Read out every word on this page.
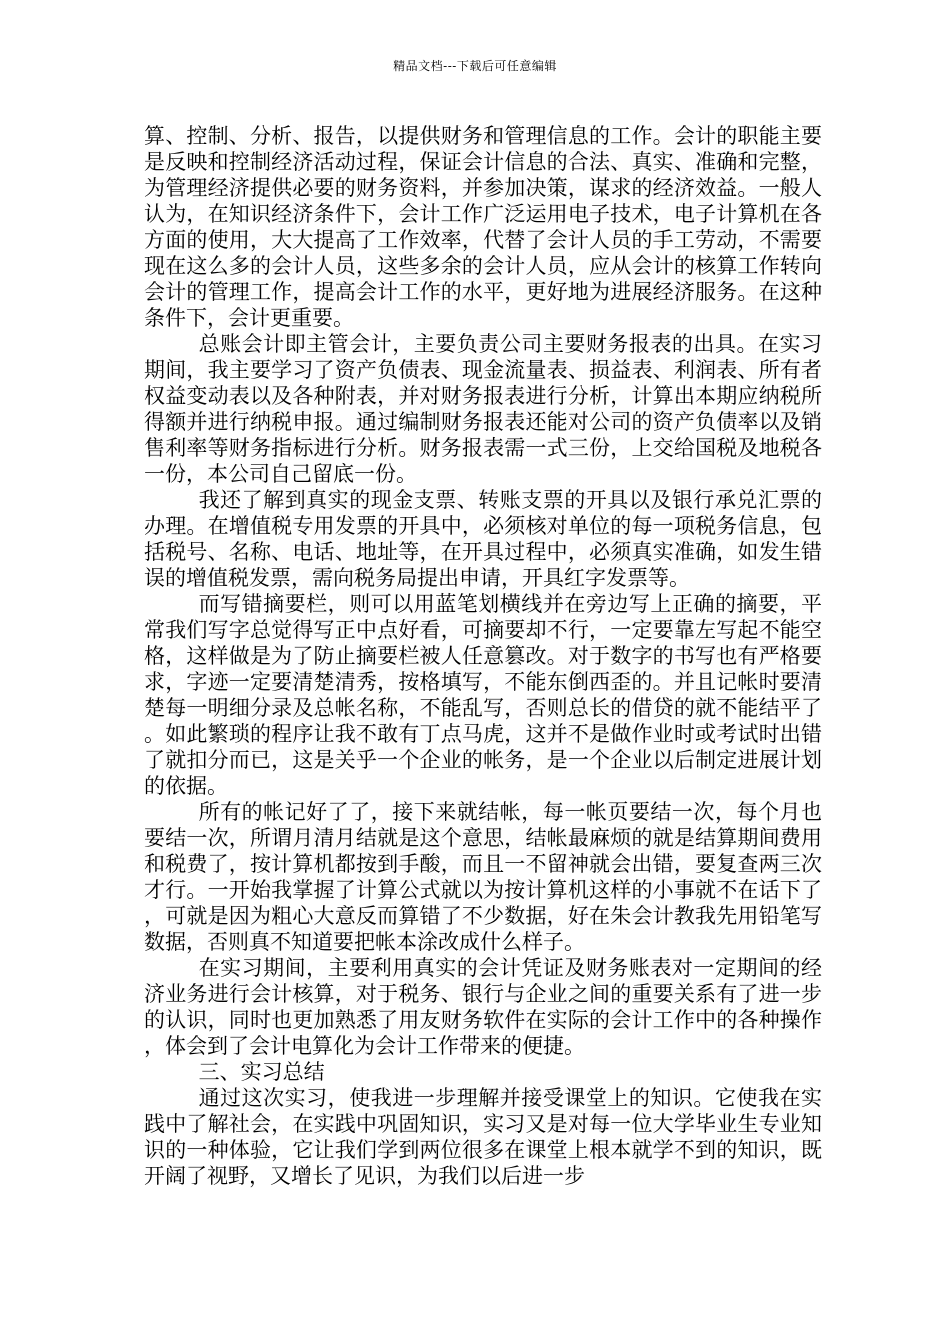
精品文档---下载后可任意编辑

算、控制、分析、报告，以提供财务和管理信息的工作。会计的职能主要是反映和控制经济活动过程，保证会计信息的合法、真实、准确和完整，为管理经济提供必要的财务资料，并参加决策，谋求的经济效益。一般人认为，在知识经济条件下，会计工作广泛运用电子技术，电子计算机在各方面的使用，大大提高了工作效率，代替了会计人员的手工劳动，不需要现在这么多的会计人员，这些多余的会计人员，应从会计的核算工作转向会计的管理工作，提高会计工作的水平，更好地为进展经济服务。在这种条件下，会计更重要。

总账会计即主管会计，主要负责公司主要财务报表的出具。在实习期间，我主要学习了资产负债表、现金流量表、损益表、利润表、所有者权益变动表以及各种附表，并对财务报表进行分析，计算出本期应纳税所得额并进行纳税申报。通过编制财务报表还能对公司的资产负债率以及销售利率等财务指标进行分析。财务报表需一式三份，上交给国税及地税各一份，本公司自己留底一份。

我还了解到真实的现金支票、转账支票的开具以及银行承兑汇票的办理。在增值税专用发票的开具中，必须核对单位的每一项税务信息，包括税号、名称、电话、地址等，在开具过程中，必须真实准确，如发生错误的增值税发票，需向税务局提出申请，开具红字发票等。

而写错摘要栏，则可以用蓝笔划横线并在旁边写上正确的摘要，平常我们写字总觉得写正中点好看，可摘要却不行，一定要靠左写起不能空格，这样做是为了防止摘要栏被人任意篡改。对于数字的书写也有严格要求，字迹一定要清楚清秀，按格填写，不能东倒西歪的。并且记帐时要清楚每一明细分录及总帐名称，不能乱写，否则总长的借贷的就不能结平了。如此繁琐的程序让我不敢有丁点马虎，这并不是做作业时或考试时出错了就扣分而已，这是关乎一个企业的帐务，是一个企业以后制定进展计划的依据。

所有的帐记好了了，接下来就结帐，每一帐页要结一次，每个月也要结一次，所谓月清月结就是这个意思，结帐最麻烦的就是结算期间费用和税费了，按计算机都按到手酸，而且一不留神就会出错，要复查两三次才行。一开始我掌握了计算公式就以为按计算机这样的小事就不在话下了，可就是因为粗心大意反而算错了不少数据，好在朱会计教我先用铅笔写数据，否则真不知道要把帐本涂改成什么样子。

在实习期间，主要利用真实的会计凭证及财务账表对一定期间的经济业务进行会计核算，对于税务、银行与企业之间的重要关系有了进一步的认识，同时也更加熟悉了用友财务软件在实际的会计工作中的各种操作，体会到了会计电算化为会计工作带来的便捷。

三、实习总结

通过这次实习，使我进一步理解并接受课堂上的知识。它使我在实践中了解社会，在实践中巩固知识，实习又是对每一位大学毕业生专业知识的一种体验，它让我们学到两位很多在课堂上根本就学不到的知识，既开阔了视野，又增长了见识，为我们以后进一步
